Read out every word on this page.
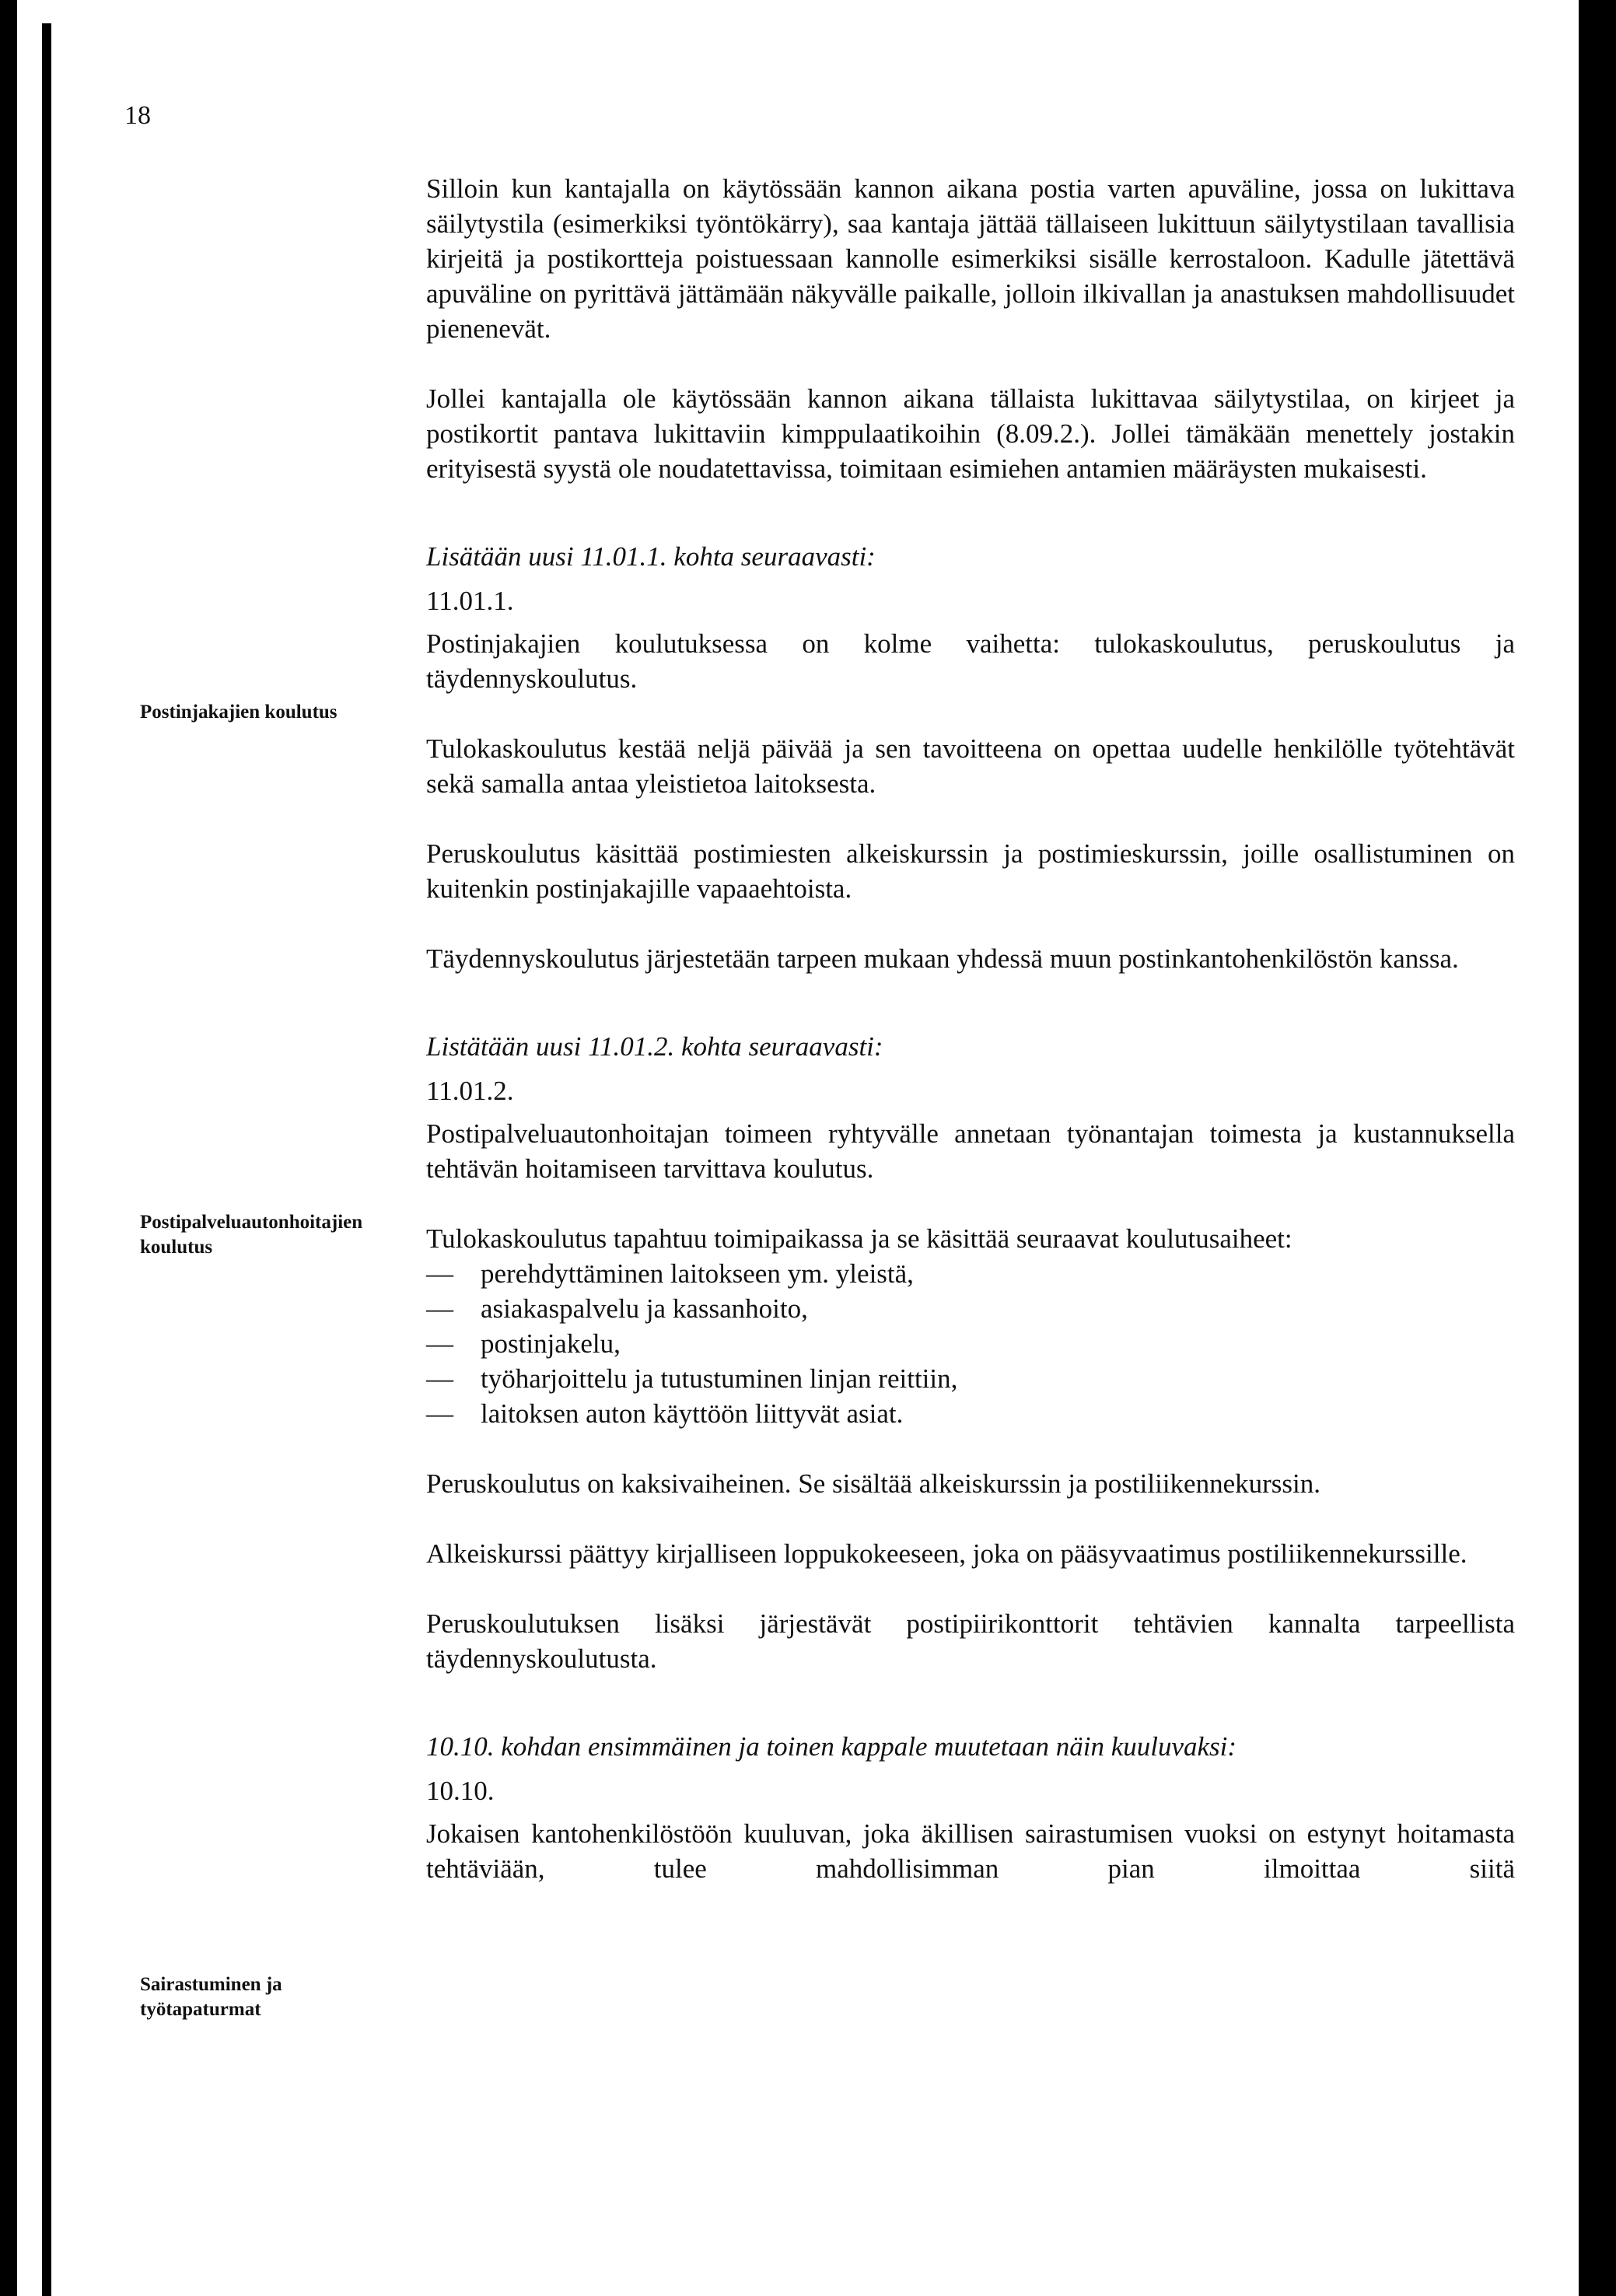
18
Postinjakajien koulutus
Postipalveluautonhoitajien koulutus
Sairastuminen ja työtapaturmat

Silloin kun kantajalla on käytössään kannon aikana postia varten apuväline, jossa on lukittava säilytystila (esimerkiksi työntökärry), saa kantaja jättää tällaiseen lukittuun säilytystilaan tavallisia kirjeitä ja postikortteja poistuessaan kannolle esimerkiksi sisälle kerrostaloon. Kadulle jätettävä apuväline on pyrittävä jättämään näkyvälle paikalle, jolloin ilkivallan ja anastuksen mahdollisuudet pienenevät.

Jollei kantajalla ole käytössään kannon aikana tällaista lukittavaa säilytystilaa, on kirjeet ja postikortit pantava lukittaviin kimppulaatikoihin (8.09.2.). Jollei tämäkään menettely jostakin erityisestä syystä ole noudatettavissa, toimitaan esimiehen antamien määräysten mukaisesti.

Lisätään uusi 11.01.1. kohta seuraavasti:

11.01.1.

Postinjakajien koulutuksessa on kolme vaihetta: tulokaskoulutus, peruskoulutus ja täydennyskoulutus.

Tulokaskoulutus kestää neljä päivää ja sen tavoitteena on opettaa uudelle henkilölle työtehtävät sekä samalla antaa yleistietoa laitoksesta.

Peruskoulutus käsittää postimiesten alkeiskurssin ja postimieskurssin, joille osallistuminen on kuitenkin postinjakajille vapaaehtoista.

Täydennyskoulutus järjestetään tarpeen mukaan yhdessä muun postinkantohenkilöstön kanssa.

Listätään uusi 11.01.2. kohta seuraavasti:

11.01.2.

Postipalveluautonhoitajan toimeen ryhtyvälle annetaan työnantajan toimesta ja kustannuksella tehtävän hoitamiseen tarvittava koulutus.

Tulokaskoulutus tapahtuu toimipaikassa ja se käsittää seuraavat koulutusaiheet:

— perehdyttäminen laitokseen ym. yleistä,
— asiakaspalvelu ja kassanhoito,
— postinjakelu,
— työharjoittelu ja tutustuminen linjan reittiin,
— laitoksen auton käyttöön liittyvät asiat.

Peruskoulutus on kaksivaiheinen. Se sisältää alkeiskurssin ja postiliikennekurssin.

Alkeiskurssi päättyy kirjalliseen loppukokeeseen, joka on pääsyvaatimus postiliikennekurssille.

Peruskoulutuksen lisäksi järjestävät postipiirikonttorit tehtävien kannalta tarpeellista täydennyskoulutusta.

10.10. kohdan ensimmäinen ja toinen kappale muutetaan näin kuuluvaksi:

10.10.

Jokaisen kantohenkilöstöön kuuluvan, joka äkillisen sairastumisen vuoksi on estynyt hoitamasta tehtäviään, tulee mahdollisimman pian ilmoittaa siitä
